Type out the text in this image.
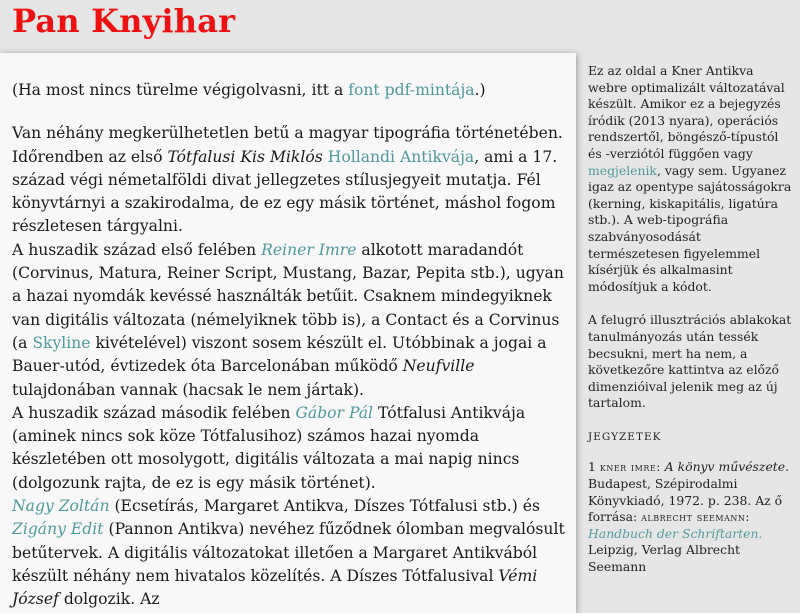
Pan Knyihar

(Ha most nincs türelme végigolvasni, itt a font pdf-mintája.)

Van néhány megkerülhetetlen betű a magyar tipográfia történetében. Időrendben az első Tótfalusi Kis Miklós Hollandi Antikvája, ami a 17. század végi németalföldi divat jellegzetes stílusjegyeit mutatja. Fél könyvtárnyi a szakirodalma, de ez egy másik történet, máshol fogom részletesen tárgyalni.

A huszadik század első felében Reiner Imre alkotott maradandót (Corvinus, Matura, Reiner Script, Mustang, Bazar, Pepita stb.), ugyan a hazai nyomdák kevéssé használták betűit. Csaknem mindegyiknek van digitális változata (némelyiknek több is), a Contact és a Corvinus (a Skyline kivételével) viszont sosem készült el. Utóbbinak a jogai a Bauer-utód, évtizedek óta Barcelonában működő Neufville tulajdonában vannak (hacsak le nem jártak).

A huszadik század második felében Gábor Pál Tótfalusi Antikvája (aminek nincs sok köze Tótfalusihoz) számos hazai nyomda készletében ott mosolygott, digitális változata a mai napig nincs (dolgozunk rajta, de ez is egy másik történet).

Nagy Zoltán (Ecsetírás, Margaret Antikva, Díszes Tótfalusi stb.) és Zigány Edit (Pannon Antikva) nevéhez fűződnek ólomban megvalósult betűtervek. A digitális változatokat illetően a Margaret Antikvából készült néhány nem hivatalos közelítés. A Díszes Tótfalusival Vémi József dolgozik. Az

Ez az oldal a Kner Antikva webre optimalizált változatával készült. Amikor ez a bejegyzés íródik (2013 nyara), operációs rendszertől, böngésző-típustól és -verziótól függően vagy megjelenik, vagy sem. Ugyanez igaz az opentype sajátosságokra (kerning, kiskapitális, ligatúra stb.). A web-tipográfia szabványosodását természetesen figyelemmel kísérjük és alkalmasint módosítjuk a kódot.

A felugró illusztrációs ablakokat tanulmányozás után tessék becsukni, mert ha nem, a következőre kattintva az előző dimenzióival jelenik meg az új tartalom.

JEGYZETEK

1 kner imre: A könyv művészete. Budapest, Szépirodalmi Könyvkiadó, 1972. p. 238. Az ő forrása: albrecht seemann: Handbuch der Schriftarten. Leipzig, Verlag Albrecht Seemann
